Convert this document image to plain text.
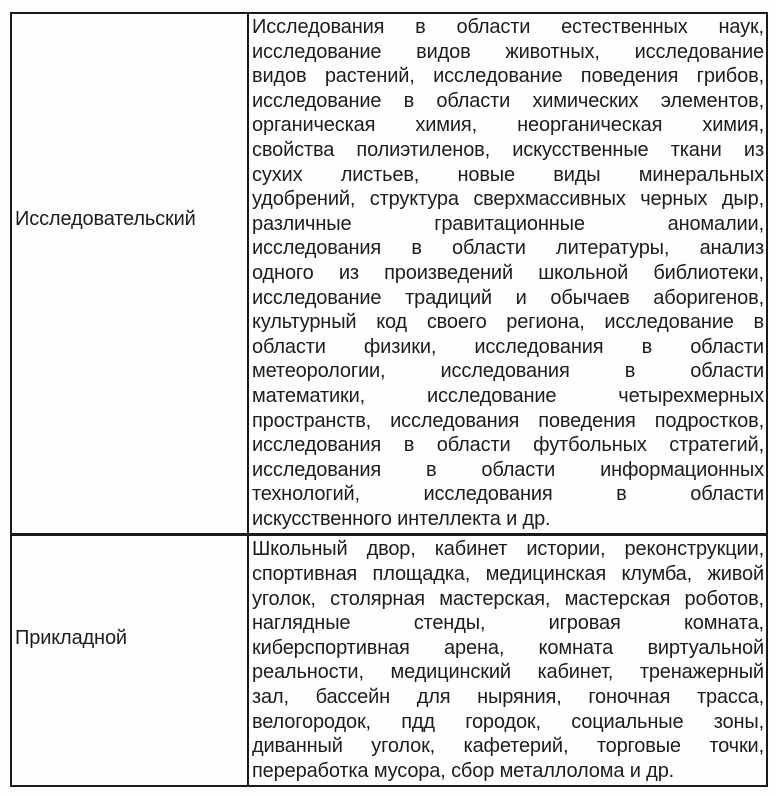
Исследовательский
Исследования в области естественных наук,
исследование видов животных, исследование
видов растений, исследование поведения грибов,
исследование в области химических элементов,
органическая химия, неорганическая химия,
свойства полиэтиленов, искусственные ткани из
сухих листьев, новые виды минеральных
удобрений, структура сверхмассивных черных дыр,
различные	гравитационные	аномалии,
исследования в области литературы, анализ
одного из произведений школьной библиотеки,
исследование традиций и обычаев аборигенов,
культурный код своего региона, исследование в
области физики, исследования в области
метеорологии,	исследования	в	области
математики,	исследование	четырехмерных
пространств, исследования поведения подростков,
исследования в области футбольных стратегий,
исследования в области информационных
технологий,	исследования	в	области
искусственного интеллекта и др.
Прикладной
Школьный двор, кабинет истории, реконструкции,
спортивная площадка, медицинская клумба, живой
уголок, столярная мастерская, мастерская роботов,
наглядные	стенды,	игровая	комната,
киберспортивная арена, комната виртуальной
реальности, медицинский кабинет, тренажерный
зал, бассейн для ныряния, гоночная трасса,
велогородок, пдд городок, социальные зоны,
диванный уголок, кафетерий, торговые точки,
переработка мусора, сбор металлолома и др.
